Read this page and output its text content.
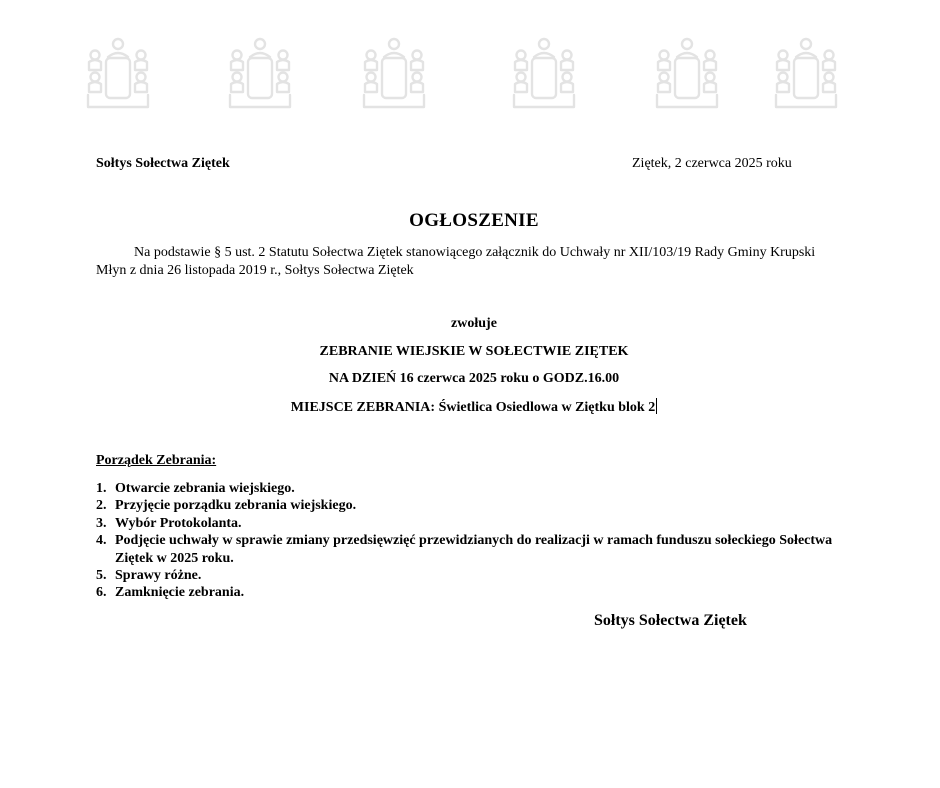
Sołtys Sołectwa Ziętek	Ziętek, 2 czerwca 2025 roku
OGŁOSZENIE
Na podstawie § 5 ust. 2 Statutu Sołectwa Ziętek stanowiącego załącznik do Uchwały nr XII/103/19 Rady Gminy Krupski Młyn z dnia 26 listopada 2019 r., Sołtys Sołectwa Ziętek
zwołuje
ZEBRANIE WIEJSKIE W SOŁECTWIE ZIĘTEK
NA DZIEŃ 16 czerwca 2025 roku o GODZ.16.00
MIEJSCE ZEBRANIA: Świetlica Osiedlowa w Ziętku blok 2
Porządek Zebrania:
1. Otwarcie zebrania wiejskiego.
2. Przyjęcie porządku zebrania wiejskiego.
3. Wybór Protokolanta.
4. Podjęcie uchwały w sprawie zmiany przedsięwzięć przewidzianych do realizacji w ramach funduszu sołeckiego Sołectwa Ziętek w 2025 roku.
5. Sprawy różne.
6. Zamknięcie zebrania.
Sołtys Sołectwa Ziętek
